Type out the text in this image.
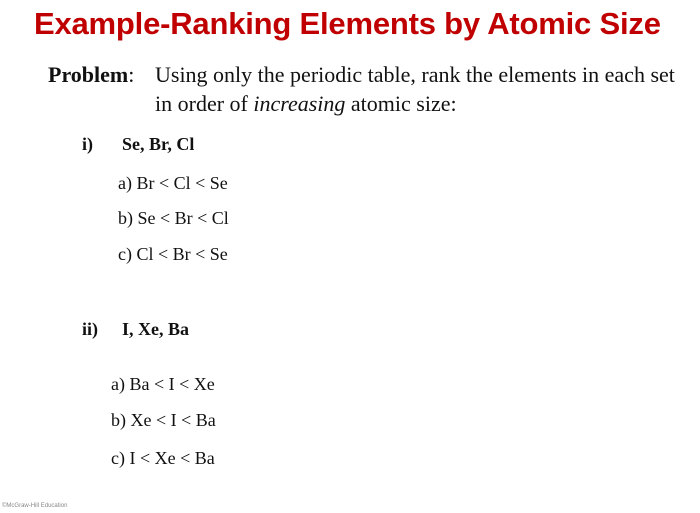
Example-Ranking Elements by Atomic Size
Problem: Using only the periodic table, rank the elements in each set in order of increasing atomic size:
i) Se, Br, Cl
a) Br < Cl < Se
b) Se < Br < Cl
c) Cl < Br < Se
ii) I, Xe, Ba
a) Ba < I < Xe
b) Xe < I < Ba
c) I < Xe < Ba
©McGraw-Hill Education
